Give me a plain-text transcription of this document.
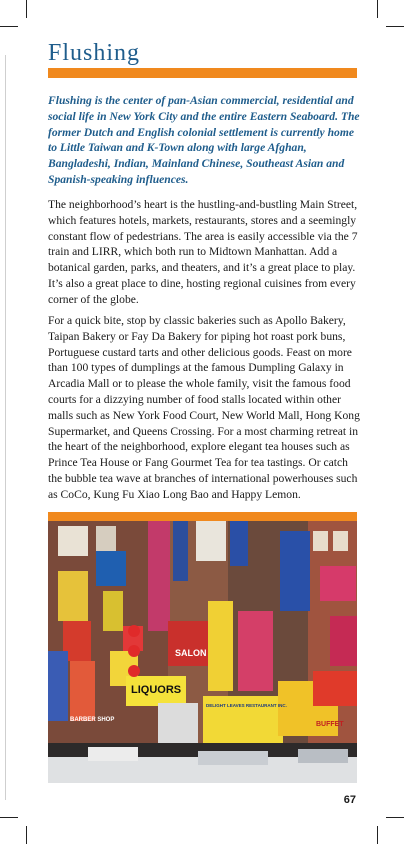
Flushing

Flushing is the center of pan-Asian commercial, residential and social life in New York City and the entire Eastern Seaboard. The former Dutch and English colonial settlement is currently home to Little Taiwan and K-Town along with large Afghan, Bangladeshi, Indian, Mainland Chinese, Southeast Asian and Spanish-speaking influences.

The neighborhood’s heart is the hustling-and-bustling Main Street, which features hotels, markets, restaurants, stores and a seemingly constant flow of pedestrians. The area is easily accessible via the 7 train and LIRR, which both run to Midtown Manhattan. Add a botanical garden, parks, and theaters, and it’s a great place to play. It’s also a great place to dine, hosting regional cuisines from every corner of the globe.

For a quick bite, stop by classic bakeries such as Apollo Bakery, Taipan Bakery or Fay Da Bakery for piping hot roast pork buns, Portuguese custard tarts and other delicious goods. Feast on more than 100 types of dumplings at the famous Dumpling Galaxy in Arcadia Mall or to please the whole family, visit the famous food courts for a dizzying number of food stalls located within other malls such as New York Food Court, New World Mall, Hong Kong Supermarket, and Queens Crossing. For a most charming retreat in the heart of the neighborhood, explore elegant tea houses such as Prince Tea House or Fang Gourmet Tea for tea tastings. Or catch the bubble tea wave at branches of international powerhouses such as CoCo, Kung Fu Xiao Long Bao and Happy Lemon.

LIQUORS
SALON
BARBER SHOP
BUFFET
DELIGHT LEAVES RESTAURANT INC.
67
